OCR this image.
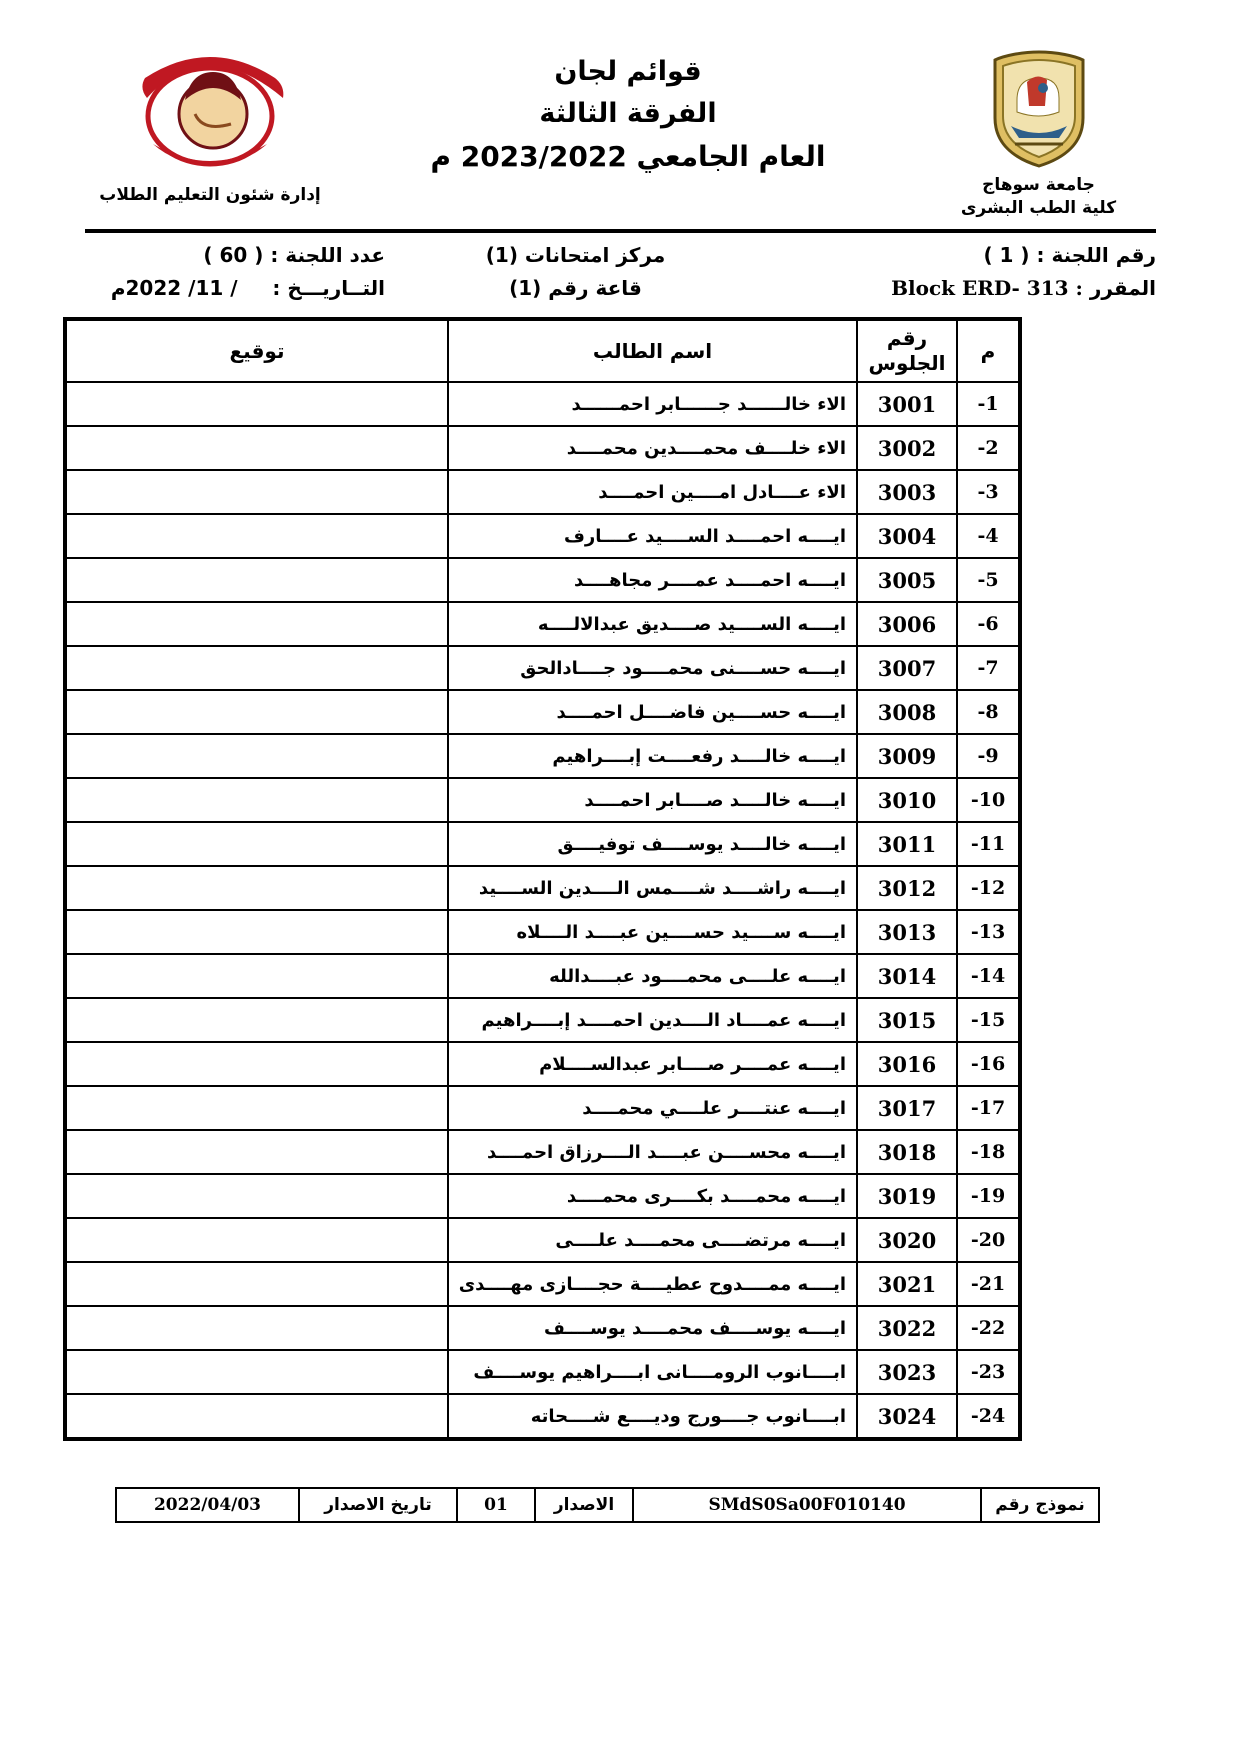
جامعة سوهاج
كلية الطب البشرى
قوائم لجان
الفرقة الثالثة
العام الجامعي 2023/2022 م
إدارة شئون التعليم الطلاب
رقم اللجنة : ( 1 )
مركز امتحانات (1)
عدد اللجنة : ( 60 )
المقرر : Block ERD- 313
قاعة رقم (1)
التــاريـــخ :     / 11/ 2022م
م	رقم الجلوس	اسم الطالب	توقيع
1-	3001	الاء خالــــــد جــــــابر احمــــــد	
2-	3002	الاء خلــــف محمــــدين محمــــد	
3-	3003	الاء عــــادل امــــين احمــــد	
4-	3004	ايــــه احمــــد الســــيد عــــارف	
5-	3005	ايــــه احمــــد عمــــر مجاهــــد	
6-	3006	ايــــه الســــيد صــــديق عبدالالــــه	
7-	3007	ايــــه حســــنى محمــــود جــــادالحق	
8-	3008	ايــــه حســــين فاضــــل احمــــد	
9-	3009	ايــــه خالــــد رفعــــت إبــــراهيم	
10-	3010	ايــــه خالــــد صــــابر احمــــد	
11-	3011	ايــــه خالــــد يوســــف توفيــــق	
12-	3012	ايــــه راشــــد شــــمس الــــدين الســــيد	
13-	3013	ايــــه ســــيد حســــين عبــــد الــــلاه	
14-	3014	ايــــه علــــى محمــــود عبــــدالله	
15-	3015	ايــــه عمــــاد الــــدين احمــــد إبــــراهيم	
16-	3016	ايــــه عمــــر صــــابر عبدالســــلام	
17-	3017	ايــــه عنتــــر علــــي محمــــد	
18-	3018	ايــــه محســــن عبــــد الــــرزاق احمــــد	
19-	3019	ايــــه محمــــد بكــــرى محمــــد	
20-	3020	ايــــه مرتضــــى محمــــد علــــى	
21-	3021	ايــــه ممــــدوح عطيــــة حجــــازى مهــــدى	
22-	3022	ايــــه يوســــف محمــــد يوســــف	
23-	3023	ابــــانوب الرومــــانى ابــــراهيم يوســــف	
24-	3024	ابــــانوب جــــورج وديــــع شــــحاته	
نموذج رقم	SMdS0Sa00F010140	الاصدار	01	تاريخ الاصدار	2022/04/03
